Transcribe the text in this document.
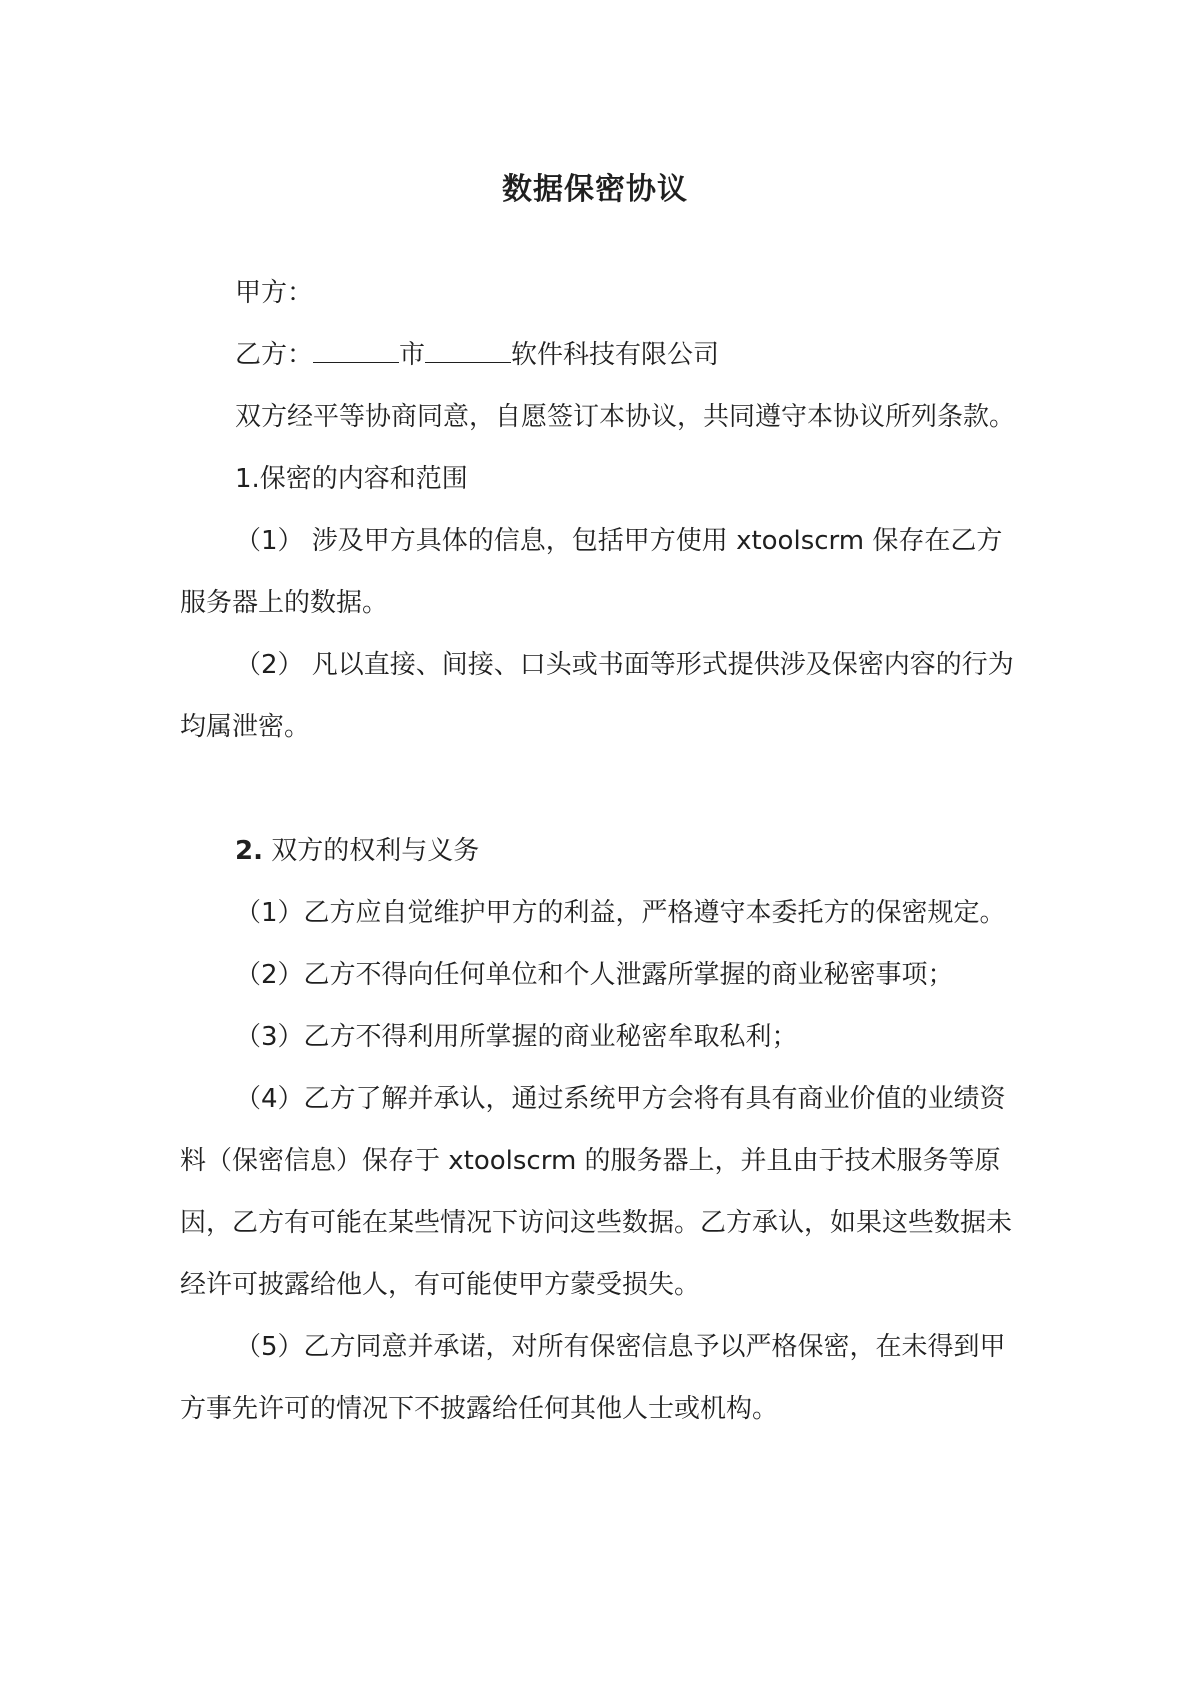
数据保密协议

甲方：

乙方：	市	软件科技有限公司

双方经平等协商同意，自愿签订本协议，共同遵守本协议所列条款。

1.保密的内容和范围

（1） 涉及甲方具体的信息，包括甲方使用 xtoolscrm 保存在乙方服务器上的数据。

（2） 凡以直接、间接、口头或书面等形式提供涉及保密内容的行为均属泄密。

2. 双方的权利与义务

（1）乙方应自觉维护甲方的利益，严格遵守本委托方的保密规定。

（2）乙方不得向任何单位和个人泄露所掌握的商业秘密事项；

（3）乙方不得利用所掌握的商业秘密牟取私利；

（4）乙方了解并承认，通过系统甲方会将有具有商业价值的业绩资料（保密信息）保存于 xtoolscrm 的服务器上，并且由于技术服务等原因，乙方有可能在某些情况下访问这些数据。乙方承认，如果这些数据未经许可披露给他人，有可能使甲方蒙受损失。

（5）乙方同意并承诺，对所有保密信息予以严格保密，在未得到甲方事先许可的情况下不披露给任何其他人士或机构。
